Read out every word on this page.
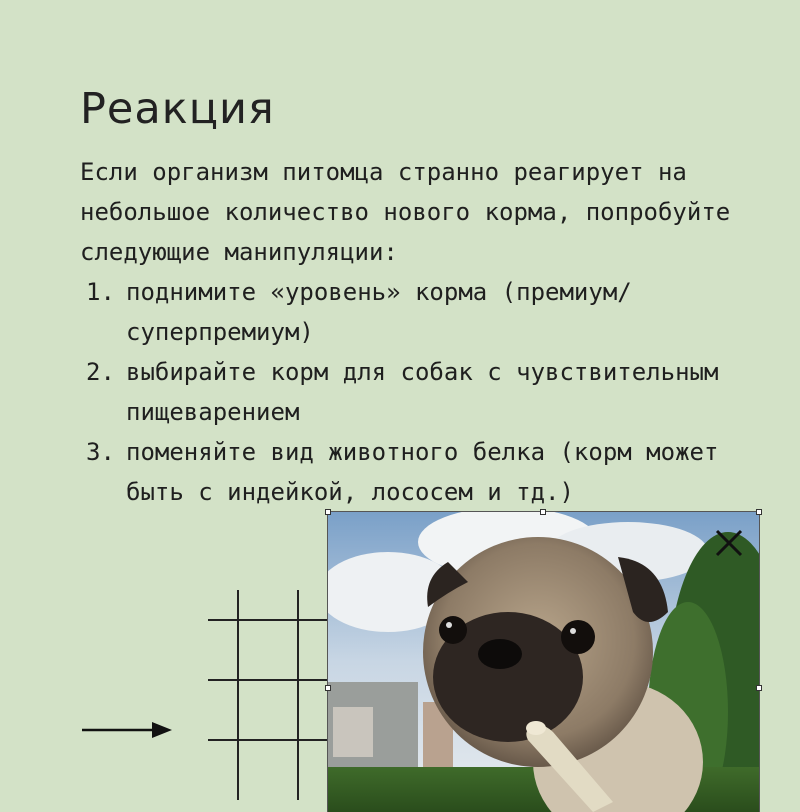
Реакция

Если организм питомца странно реагирует на небольшое количество нового корма, попробуйте следующие манипуляции:

1. поднимите «уровень» корма (премиум/ суперпремиум)
2. выбирайте корм для собак с чувствительным пищеварением
3. поменяйте вид животного белка (корм может быть с индейкой, лососем и тд.)
